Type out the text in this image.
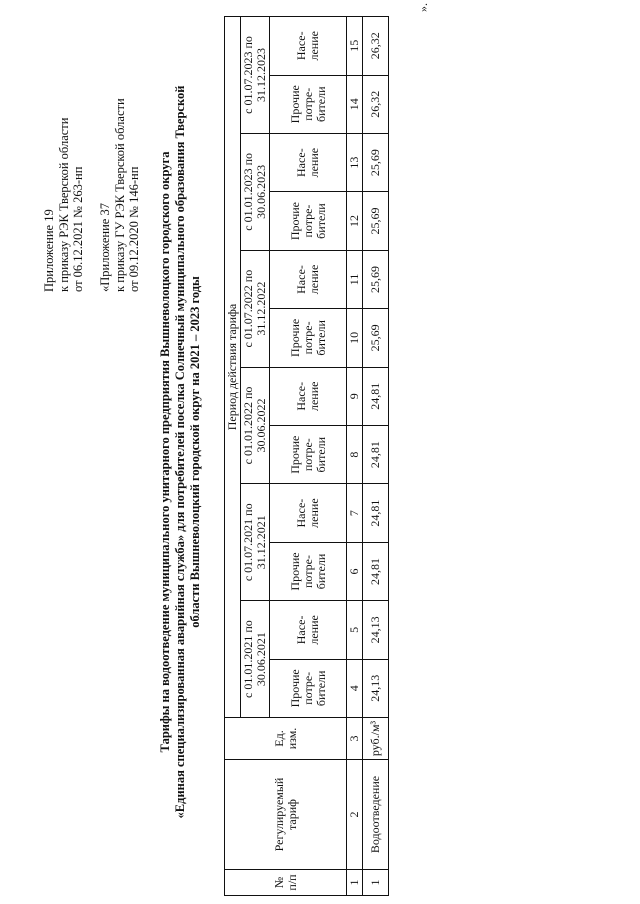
Приложение 19 к приказу РЭК Тверской области от 06.12.2021 № 263-нп «Приложение 37 к приказу ГУ РЭК Тверской области от 09.12.2020 № 146-нп Тарифы на водоотведение муниципального унитарного предприятия Вышневолоцкого городского округа «Единая специализированная аварийная служба» для потребителей поселка Солнечный муниципального образования Тверской области Вышневолоцкий городской округ на 2021 – 2023 годы
№ п/п	Регулируемый тариф	Ед. изм.	Период действия тарифа											
			с 01.01.2021 по 30.06.2021		с 01.07.2021 по 31.12.2021		с 01.01.2022 по 30.06.2022		с 01.07.2022 по 31.12.2022		с 01.01.2023 по 30.06.2023		с 01.07.2023 по 31.12.2023	
			Прочие потре- бители	Насе- ление	Прочие потре- бители	Насе- ление	Прочие потре- бители	Насе- ление	Прочие потре- бители	Насе- ление	Прочие потре- бители	Насе- ление	Прочие потре- бители	Насе- ление
1	2	3	4	5	6	7	8	9	10	11	12	13	14	15
1	Водоотведение	руб./м³	24,13	24,13	24,81	24,81	24,81	24,81	25,69	25,69	25,69	25,69	26,32	26,32
».
